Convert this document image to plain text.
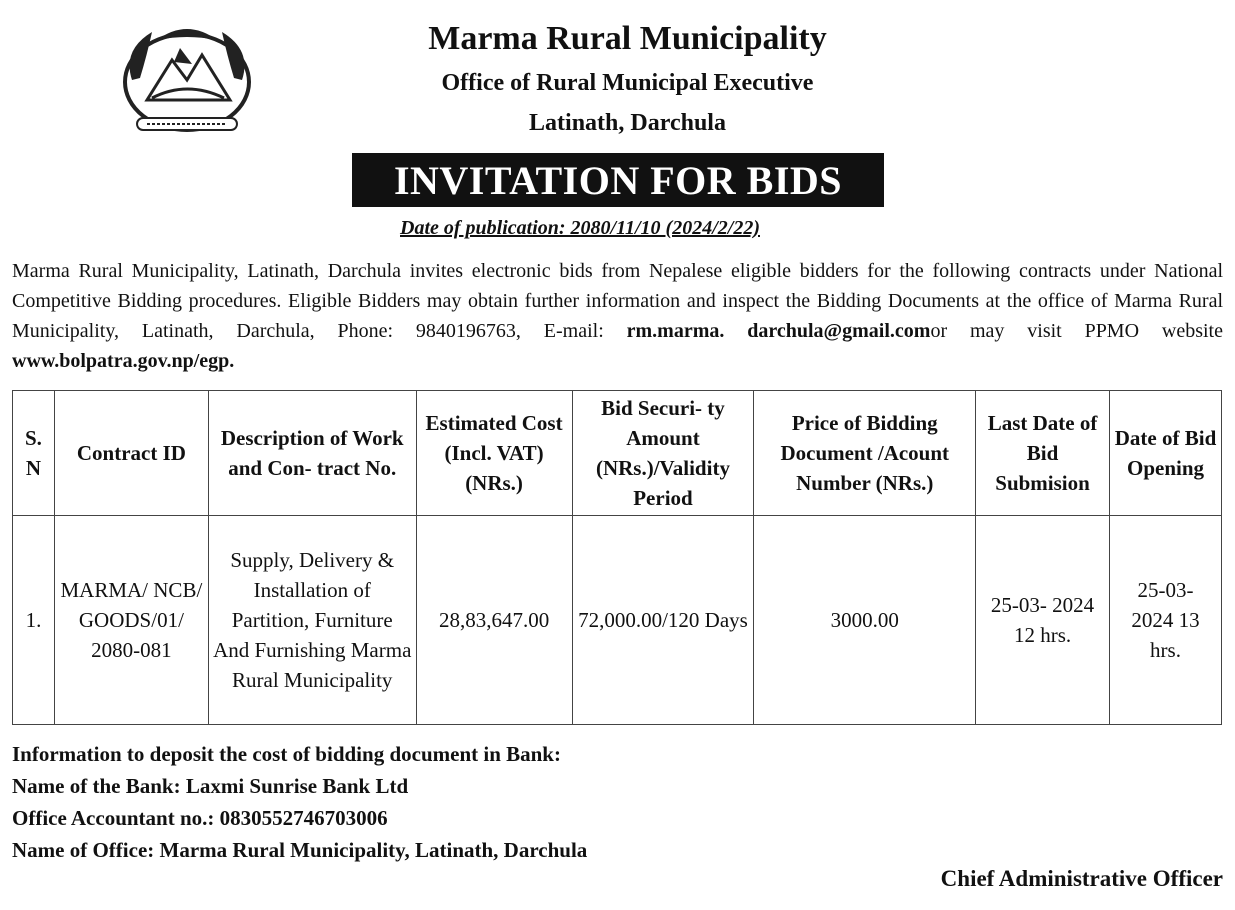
Marma Rural Municipality
Office of Rural Municipal Executive
Latinath, Darchula
INVITATION FOR BIDS
Date of publication: 2080/11/10 (2024/2/22)
Marma Rural Municipality, Latinath, Darchula invites electronic bids from Nepalese eligible bidders for the following contracts under National Competitive Bidding procedures. Eligible Bidders may obtain further information and inspect the Bidding Documents at the office of Marma Rural Municipality, Latinath, Darchula, Phone: 9840196763, E-mail: rm.marma. darchula@gmail.comor may visit PPMO website www.bolpatra.gov.np/egp.
S. N	Contract ID	Description of Work and Con- tract No.	Estimated Cost (Incl. VAT) (NRs.)	Bid Securi- ty Amount (NRs.)/Validity Period	Price of Bidding Document /Acount Number (NRs.)	Last Date of Bid Submision	Date of Bid Opening
1.	MARMA/ NCB/ GOODS/01/ 2080-081	Supply, Delivery & Installation of Partition, Furniture And Furnishing Marma Rural Municipality	28,83,647.00	72,000.00/120 Days	3000.00	25-03- 2024 12 hrs.	25-03- 2024 13 hrs.
Information to deposit the cost of bidding document in Bank:
Name of the Bank: Laxmi Sunrise Bank Ltd
Office Accountant no.: 0830552746703006
Name of Office: Marma Rural Municipality, Latinath, Darchula
Chief Administrative Officer
